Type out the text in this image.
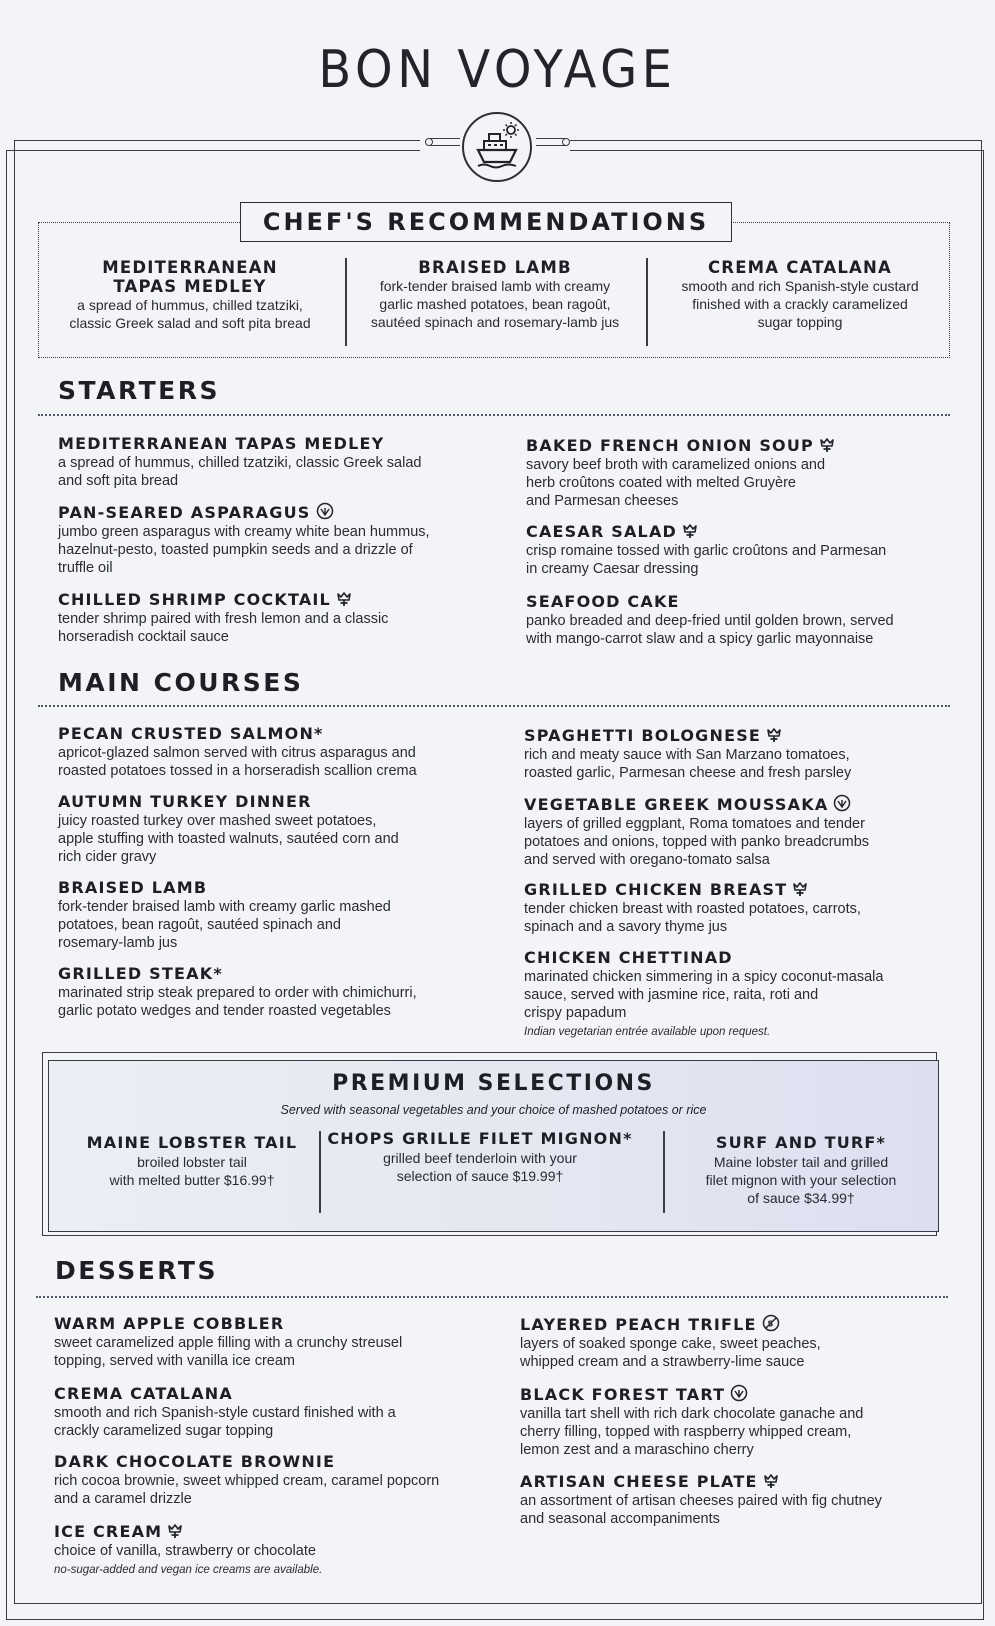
BON VOYAGE
CHEF'S RECOMMENDATIONS
MEDITERRANEAN
TAPAS MEDLEY
a spread of hummus, chilled tzatziki,
classic Greek salad and soft pita bread
BRAISED LAMB
fork-tender braised lamb with creamy
garlic mashed potatoes, bean ragoût,
sautéed spinach and rosemary-lamb jus
CREMA CATALANA
smooth and rich Spanish-style custard
finished with a crackly caramelized
sugar topping
STARTERS
MEDITERRANEAN TAPAS MEDLEY
a spread of hummus, chilled tzatziki, classic Greek salad
and soft pita bread
PAN-SEARED ASPARAGUS
jumbo green asparagus with creamy white bean hummus,
hazelnut-pesto, toasted pumpkin seeds and a drizzle of
truffle oil
CHILLED SHRIMP COCKTAIL
tender shrimp paired with fresh lemon and a classic
horseradish cocktail sauce
BAKED FRENCH ONION SOUP
savory beef broth with caramelized onions and
herb croûtons coated with melted Gruyère
and Parmesan cheeses
CAESAR SALAD
crisp romaine tossed with garlic croûtons and Parmesan
in creamy Caesar dressing
SEAFOOD CAKE
panko breaded and deep-fried until golden brown, served
with mango-carrot slaw and a spicy garlic mayonnaise
MAIN COURSES
PECAN CRUSTED SALMON*
apricot-glazed salmon served with citrus asparagus and
roasted potatoes tossed in a horseradish scallion crema
AUTUMN TURKEY DINNER
juicy roasted turkey over mashed sweet potatoes,
apple stuffing with toasted walnuts, sautéed corn and
rich cider gravy
BRAISED LAMB
fork-tender braised lamb with creamy garlic mashed
potatoes, bean ragoût, sautéed spinach and
rosemary-lamb jus
GRILLED STEAK*
marinated strip steak prepared to order with chimichurri,
garlic potato wedges and tender roasted vegetables
SPAGHETTI BOLOGNESE
rich and meaty sauce with San Marzano tomatoes,
roasted garlic, Parmesan cheese and fresh parsley
VEGETABLE GREEK MOUSSAKA
layers of grilled eggplant, Roma tomatoes and tender
potatoes and onions, topped with panko breadcrumbs
and served with oregano-tomato salsa
GRILLED CHICKEN BREAST
tender chicken breast with roasted potatoes, carrots,
spinach and a savory thyme jus
CHICKEN CHETTINAD
marinated chicken simmering in a spicy coconut-masala
sauce, served with jasmine rice, raita, roti and
crispy papadum
Indian vegetarian entrée available upon request.
PREMIUM SELECTIONS
Served with seasonal vegetables and your choice of mashed potatoes or rice
MAINE LOBSTER TAIL
broiled lobster tail
with melted butter $16.99†
CHOPS GRILLE FILET MIGNON*
grilled beef tenderloin with your
selection of sauce $19.99†
SURF AND TURF*
Maine lobster tail and grilled
filet mignon with your selection
of sauce $34.99†
DESSERTS
WARM APPLE COBBLER
sweet caramelized apple filling with a crunchy streusel
topping, served with vanilla ice cream
CREMA CATALANA
smooth and rich Spanish-style custard finished with a
crackly caramelized sugar topping
DARK CHOCOLATE BROWNIE
rich cocoa brownie, sweet whipped cream, caramel popcorn
and a caramel drizzle
ICE CREAM
choice of vanilla, strawberry or chocolate
no-sugar-added and vegan ice creams are available.
LAYERED PEACH TRIFLE
layers of soaked sponge cake, sweet peaches,
whipped cream and a strawberry-lime sauce
BLACK FOREST TART
vanilla tart shell with rich dark chocolate ganache and
cherry filling, topped with raspberry whipped cream,
lemon zest and a maraschino cherry
ARTISAN CHEESE PLATE
an assortment of artisan cheeses paired with fig chutney
and seasonal accompaniments
